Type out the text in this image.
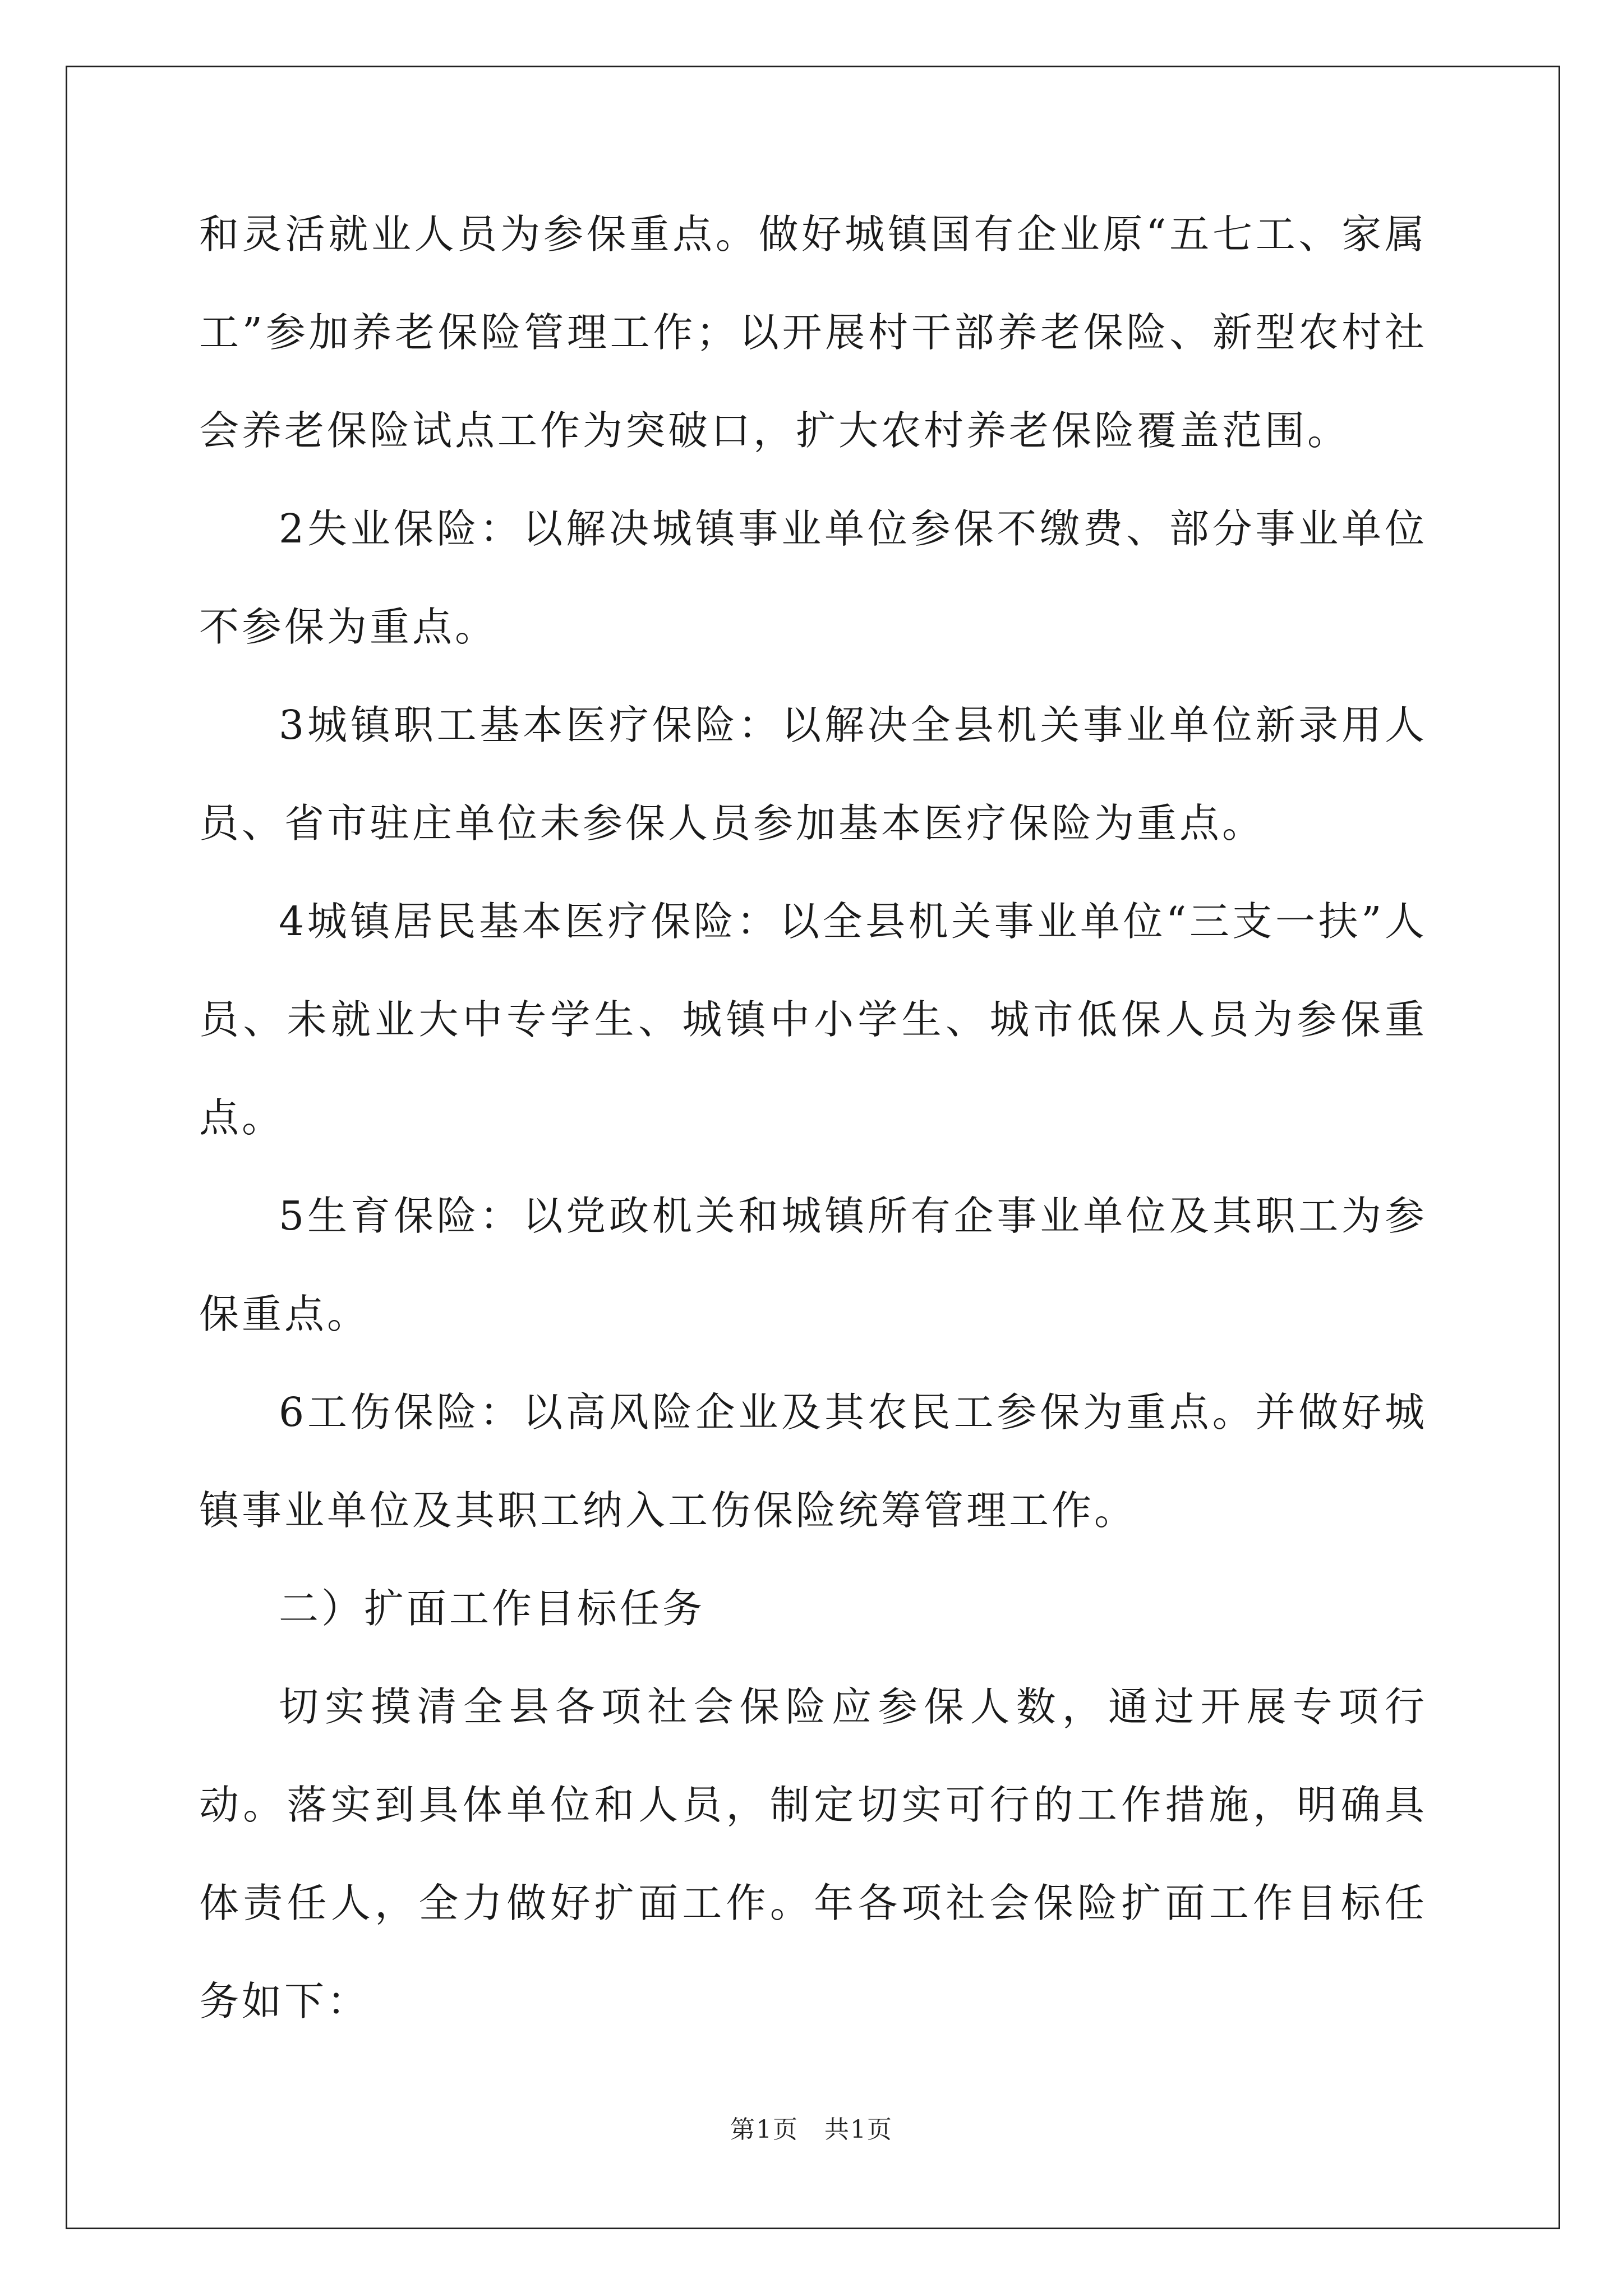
和灵活就业人员为参保重点。做好城镇国有企业原“五七工、家属工”参加养老保险管理工作；以开展村干部养老保险、新型农村社会养老保险试点工作为突破口，扩大农村养老保险覆盖范围。

2失业保险：以解决城镇事业单位参保不缴费、部分事业单位不参保为重点。

3城镇职工基本医疗保险：以解决全县机关事业单位新录用人员、省市驻庄单位未参保人员参加基本医疗保险为重点。

4城镇居民基本医疗保险：以全县机关事业单位“三支一扶”人员、未就业大中专学生、城镇中小学生、城市低保人员为参保重点。

5生育保险：以党政机关和城镇所有企事业单位及其职工为参保重点。

6工伤保险：以高风险企业及其农民工参保为重点。并做好城镇事业单位及其职工纳入工伤保险统筹管理工作。

二）扩面工作目标任务

切实摸清全县各项社会保险应参保人数，通过开展专项行动。落实到具体单位和人员，制定切实可行的工作措施，明确具体责任人，全力做好扩面工作。年各项社会保险扩面工作目标任务如下：

第1页　共1页
